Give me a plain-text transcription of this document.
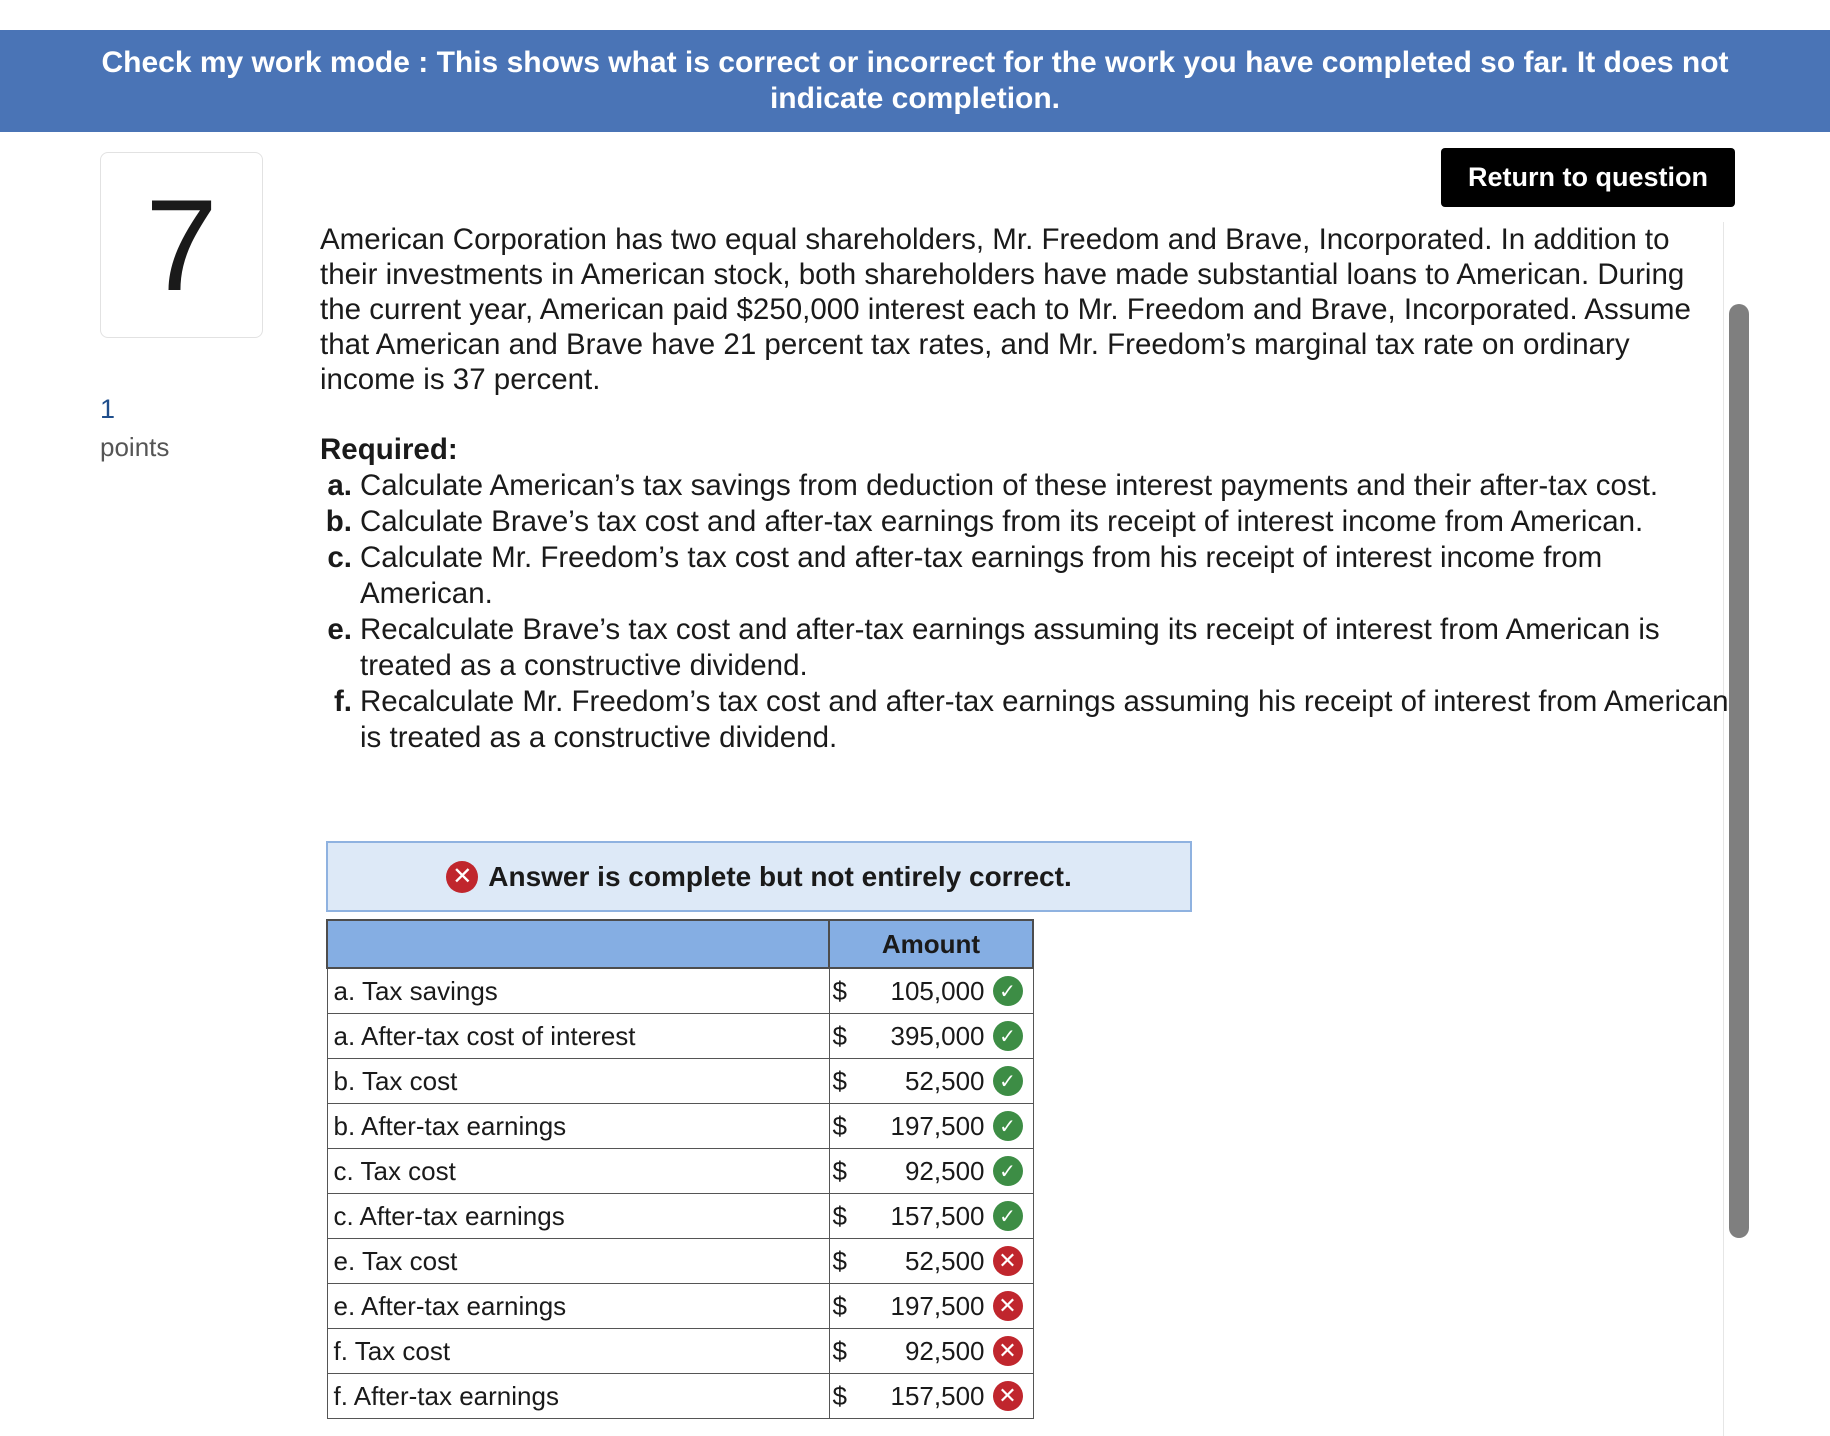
Check my work mode : This shows what is correct or incorrect for the work you have completed so far. It does not indicate completion.
7
1
points
Return to question

American Corporation has two equal shareholders, Mr. Freedom and Brave, Incorporated. In addition to their investments in American stock, both shareholders have made substantial loans to American. During the current year, American paid $250,000 interest each to Mr. Freedom and Brave, Incorporated. Assume that American and Brave have 21 percent tax rates, and Mr. Freedom’s marginal tax rate on ordinary income is 37 percent.

Required:
a. Calculate American’s tax savings from deduction of these interest payments and their after-tax cost.
b. Calculate Brave’s tax cost and after-tax earnings from its receipt of interest income from American.
c. Calculate Mr. Freedom’s tax cost and after-tax earnings from his receipt of interest income from American.
e. Recalculate Brave’s tax cost and after-tax earnings assuming its receipt of interest from American is treated as a constructive dividend.
f. Recalculate Mr. Freedom’s tax cost and after-tax earnings assuming his receipt of interest from American is treated as a constructive dividend.
✕ Answer is complete but not entirely correct.
	Amount
a. Tax savings	$ 105,000 ✓

a. After-tax cost of interest	$ 395,000 ✓

b. Tax cost	$ 52,500 ✓

b. After-tax earnings	$ 197,500 ✓

c. Tax cost	$ 92,500 ✓

c. After-tax earnings	$ 157,500 ✓

e. Tax cost	$ 52,500 ✕

e. After-tax earnings	$ 197,500 ✕

f. Tax cost	$ 92,500 ✕

f. After-tax earnings	$ 157,500 ✕
